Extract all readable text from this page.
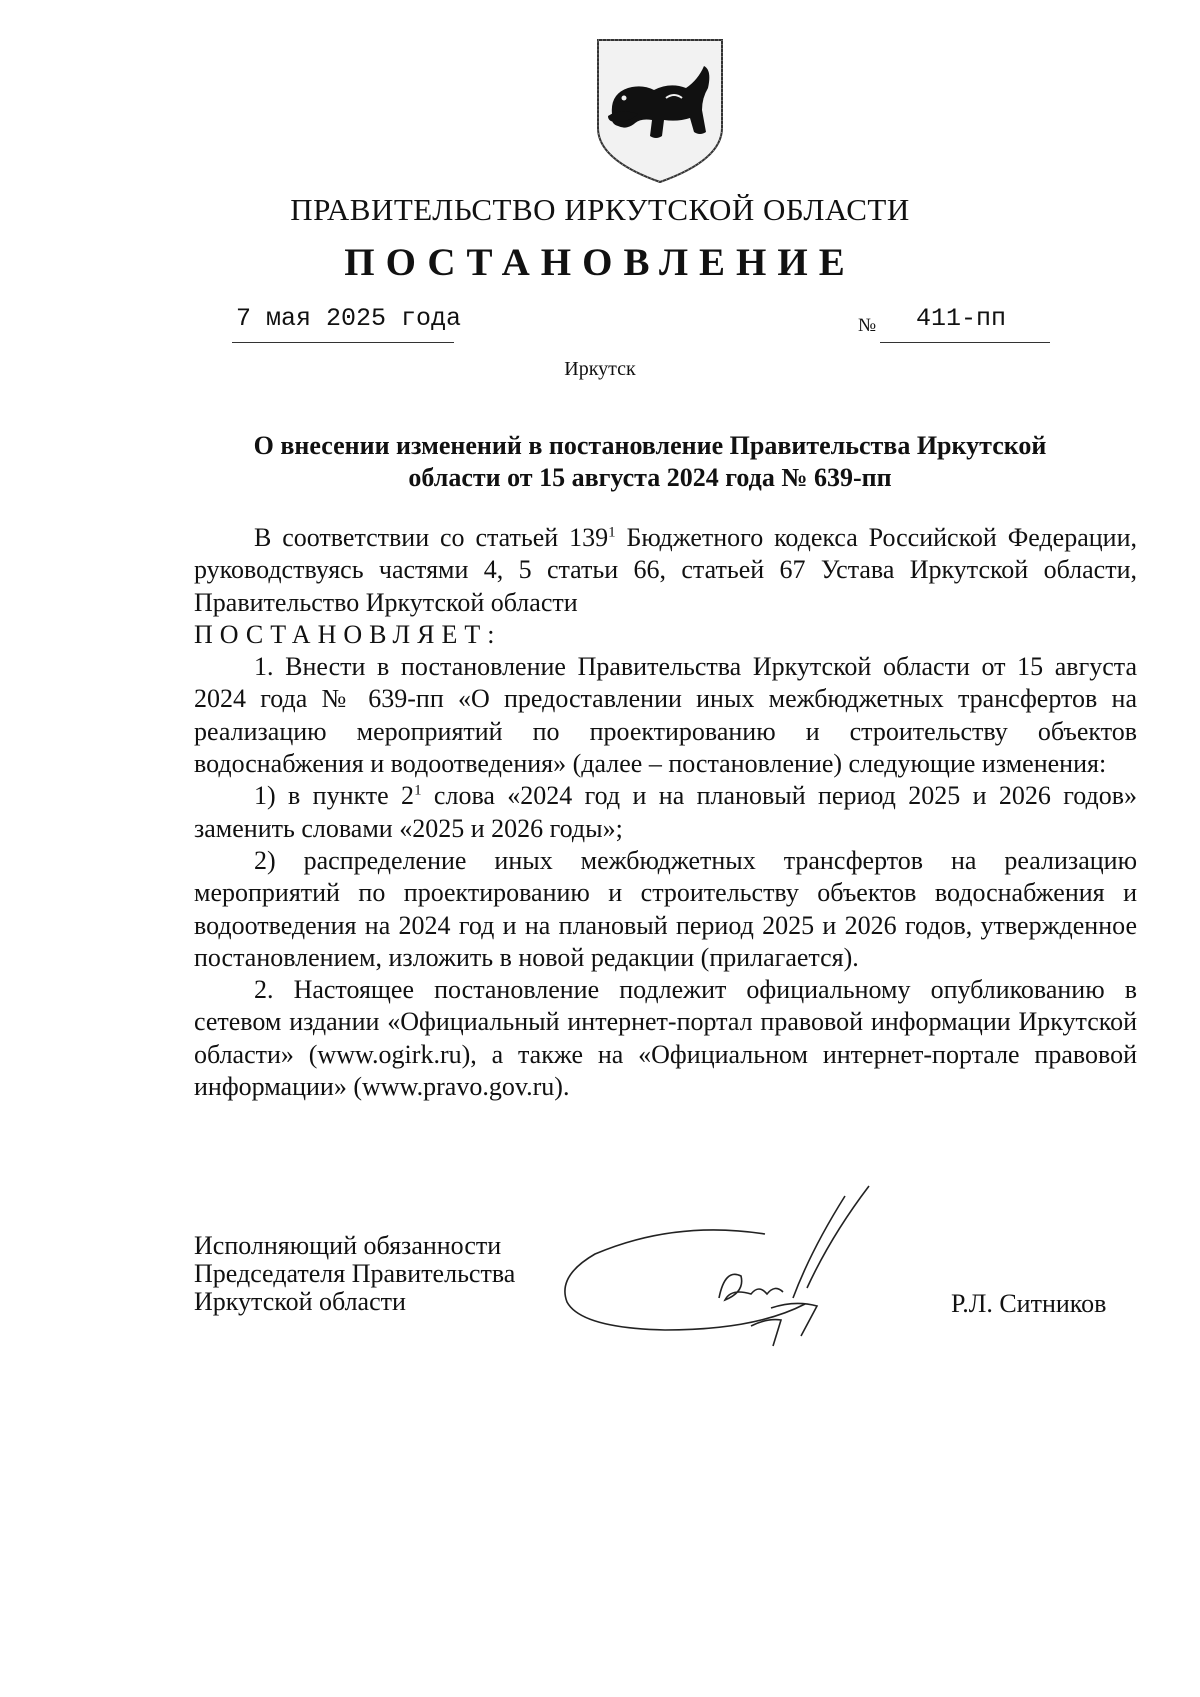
ПРАВИТЕЛЬСТВО ИРКУТСКОЙ ОБЛАСТИ
ПОСТАНОВЛЕНИЕ
7 мая 2025 года	№ 411-пп
Иркутск
О внесении изменений в постановление Правительства Иркутской
области от 15 августа 2024 года № 639-пп

В соответствии со статьей $139^1$ Бюджетного кодекса Российской Федерации, руководствуясь частями 4, 5 статьи 66, статьей 67 Устава Иркутской области, Правительство Иркутской области

ПОСТАНОВЛЯЕТ:

1. Внести в постановление Правительства Иркутской области от 15 августа 2024 года № 639-пп «О предоставлении иных межбюджетных трансфертов на реализацию мероприятий по проектированию и строительству объектов водоснабжения и водоотведения» (далее – постановление) следующие изменения:

1) в пункте $2^1$ слова «2024 год и на плановый период 2025 и 2026 годов» заменить словами «2025 и 2026 годы»;

2) распределение иных межбюджетных трансфертов на реализацию мероприятий по проектированию и строительству объектов водоснабжения и водоотведения на 2024 год и на плановый период 2025 и 2026 годов, утвержденное постановлением, изложить в новой редакции (прилагается).

2. Настоящее постановление подлежит официальному опубликованию в сетевом издании «Официальный интернет-портал правовой информации Иркутской области» (www.ogirk.ru), а также на «Официальном интернет-портале правовой информации» (www.pravo.gov.ru).

Исполняющий обязанности
Председателя Правительства
Иркутской области	Р.Л. Ситников
